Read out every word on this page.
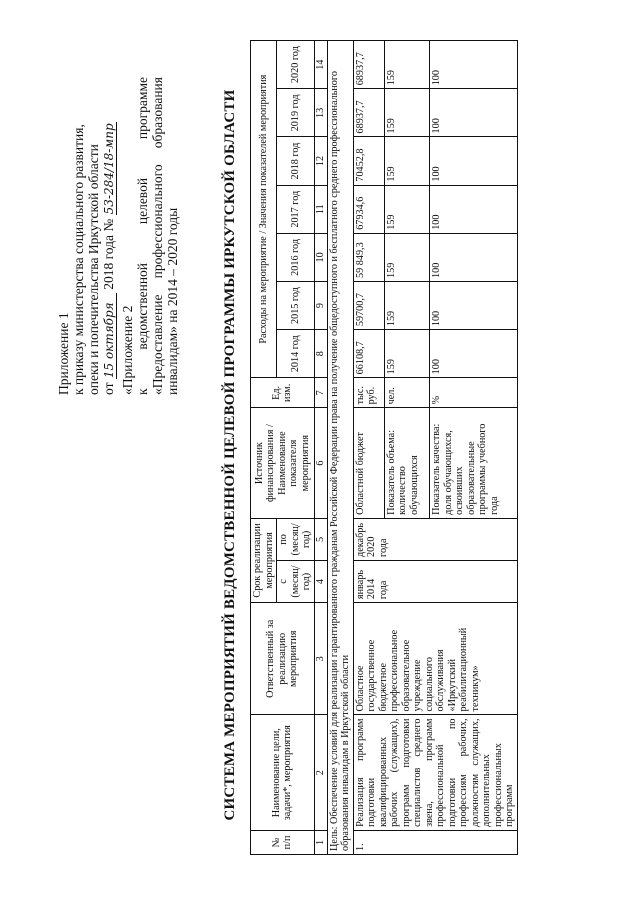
Приложение 1 к приказу министерства социального развития, опеки и попечительства Иркутской области от 15 октября 2018 года № 53-284/18-мпр
«Приложение 2 к ведомственной целевой программе «Предоставление профессионального образования инвалидам» на 2014 – 2020 годы	СИСТЕМА МЕРОПРИЯТИЙ ВЕДОМСТВЕННОЙ ЦЕЛЕВОЙ ПРОГРАММЫ ИРКУТСКОЙ ОБЛАСТИ
№ п/п	Наименование цели, задачи*, мероприятия	Ответственный за реализацию мероприятия	Срок реализации мероприятия		Источник финансирования / Наименование показателя мероприятия	Ед. изм.	Расходы на мероприятие / Значения показателей мероприятия						
			с (месяц/ год)	по (месяц/ год)			2014 год	2015 год	2016 год	2017 год	2018 год	2019 год	2020 год
1	2	3	4	5	6	7	8	9	10	11	12	13	14
Цель: Обеспечение условий для реализации гарантированного гражданам Российской Федерации права на получение общедоступного и бесплатного среднего профессионального образования инвалидам в Иркутской области													
1.	Реализация программ подготовки квалифицированных рабочих (служащих), программ подготовки специалистов среднего звена, программ профессиональной подготовки по профессиям рабочих, должностям служащих, дополнительных профессиональных программ	Областное государственное бюджетное профессиональное образовательное учреждение социального обслуживания «Иркутский реабилитационный техникум»	январь 2014 года	декабрь 2020 года	Областной бюджет	тыс. руб.	66108,7	59700,7	59 849,3	67934,6	70452,8	68937,7	68937,7
					Показатель объема: количество обучающихся	чел.	159	159	159	159	159	159	159
					Показатель качества: доля обучающихся, освоивших образовательные программы учебного года	%	100	100	100	100	100	100	100
